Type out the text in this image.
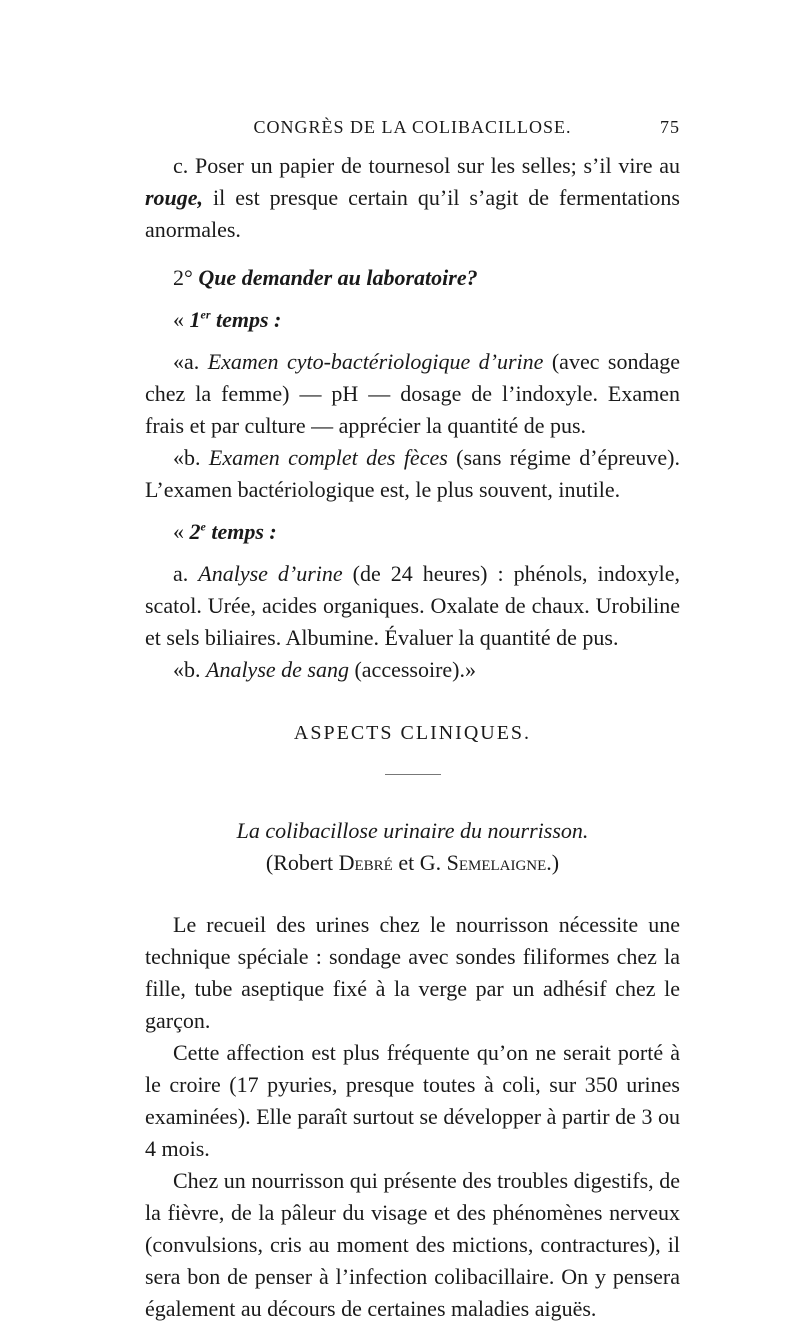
CONGRÈS DE LA COLIBACILLOSE.	75

c. Poser un papier de tournesol sur les selles; s’il vire au rouge, il est presque certain qu’il s’agit de fermentations anormales.

2° Que demander au laboratoire?

« 1er temps :

«a. Examen cyto-bactériologique d’urine (avec sondage chez la femme) — pH — dosage de l’indoxyle. Examen frais et par culture — apprécier la quantité de pus.

«b. Examen complet des fèces (sans régime d’épreuve). L’examen bactériologique est, le plus souvent, inutile.

« 2e temps :

a. Analyse d’urine (de 24 heures) : phénols, indoxyle, scatol. Urée, acides organiques. Oxalate de chaux. Urobiline et sels biliaires. Albumine. Évaluer la quantité de pus.

«b. Analyse de sang (accessoire).»

ASPECTS CLINIQUES.
La colibacillose urinaire du nourrisson.
(Robert Debré et G. Semelaigne.)

Le recueil des urines chez le nourrisson nécessite une technique spéciale : sondage avec sondes filiformes chez la fille, tube aseptique fixé à la verge par un adhésif chez le garçon.

Cette affection est plus fréquente qu’on ne serait porté à le croire (17 pyuries, presque toutes à coli, sur 350 urines examinées). Elle paraît surtout se développer à partir de 3 ou 4 mois.

Chez un nourrisson qui présente des troubles digestifs, de la fièvre, de la pâleur du visage et des phénomènes nerveux (convulsions, cris au moment des mictions, contractures), il sera bon de penser à l’infection colibacillaire. On y pensera également au décours de certaines maladies aiguës.
